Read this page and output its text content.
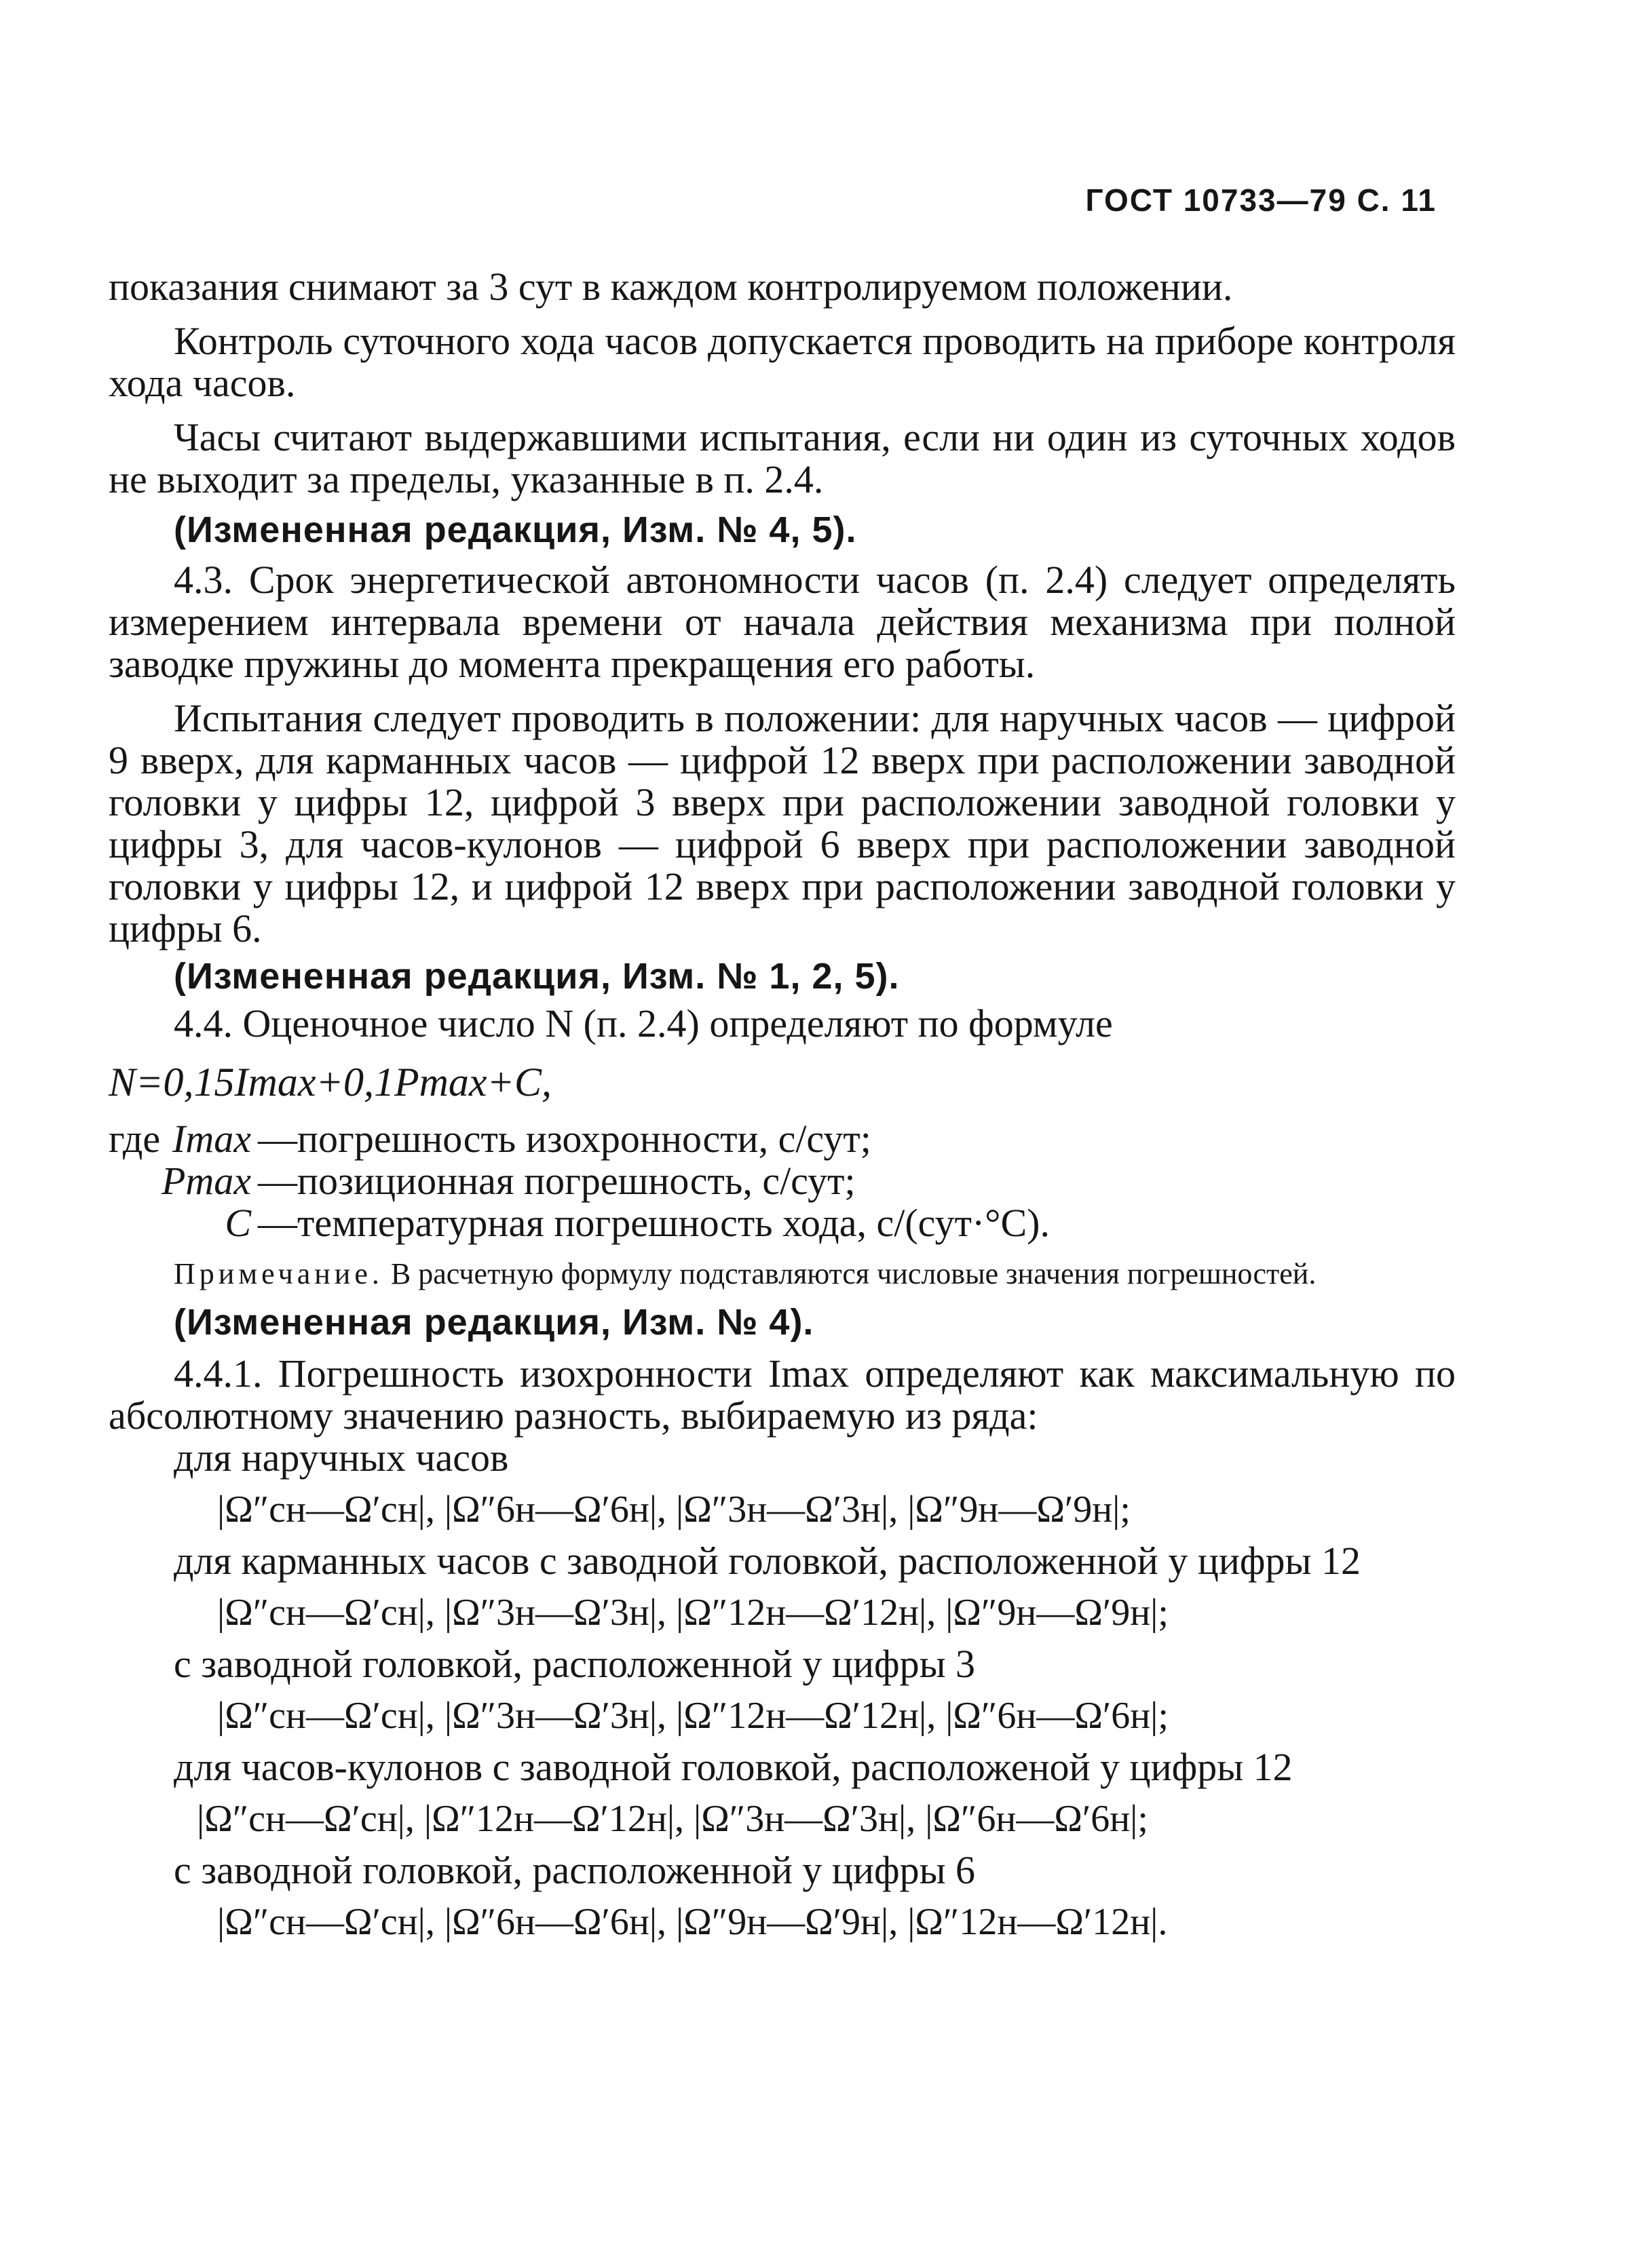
ГОСТ 10733—79 С. 11

показания снимают за 3 сут в каждом контролируемом положении.

Контроль суточного хода часов допускается проводить на приборе контроля хода часов.

Часы считают выдержавшими испытания, если ни один из суточных ходов не выходит за пределы, указанные в п. 2.4.

(Измененная редакция, Изм. № 4, 5).

4.3. Срок энергетической автономности часов (п. 2.4) следует определять измерением интервала времени от начала действия механизма при полной заводке пружины до момента прекращения его работы.

Испытания следует проводить в положении: для наручных часов — цифрой 9 вверх, для карманных часов — цифрой 12 вверх при расположении заводной головки у цифры 12, цифрой 3 вверх при расположении заводной головки у цифры 3, для часов-кулонов — цифрой 6 вверх при расположении заводной головки у цифры 12, и цифрой 12 вверх при расположении заводной головки у цифры 6.

(Измененная редакция, Изм. № 1, 2, 5).

4.4. Оценочное число N (п. 2.4) определяют по формуле

N=0,15Imax+0,1Pmax+C,

где Imax —погрешность изохронности, с/сут;
Pmax —позиционная погрешность, с/сут;
C —температурная погрешность хода, с/(сут·°С).

Примечание. В расчетную формулу подставляются числовые значения погрешностей.

(Измененная редакция, Изм. № 4).

4.4.1. Погрешность изохронности Imax определяют как максимальную по абсолютному значению разность, выбираемую из ряда:

для наручных часов

|Ω″сн—Ω′сн|, |Ω″6н—Ω′6н|, |Ω″3н—Ω′3н|, |Ω″9н—Ω′9н|;

для карманных часов с заводной головкой, расположенной у цифры 12

|Ω″сн—Ω′сн|, |Ω″3н—Ω′3н|, |Ω″12н—Ω′12н|, |Ω″9н—Ω′9н|;

с заводной головкой, расположенной у цифры 3

|Ω″сн—Ω′сн|, |Ω″3н—Ω′3н|, |Ω″12н—Ω′12н|, |Ω″6н—Ω′6н|;

для часов-кулонов с заводной головкой, расположеной у цифры 12

|Ω″сн—Ω′сн|, |Ω″12н—Ω′12н|, |Ω″3н—Ω′3н|, |Ω″6н—Ω′6н|;

с заводной головкой, расположенной у цифры 6

|Ω″сн—Ω′сн|, |Ω″6н—Ω′6н|, |Ω″9н—Ω′9н|, |Ω″12н—Ω′12н|.
